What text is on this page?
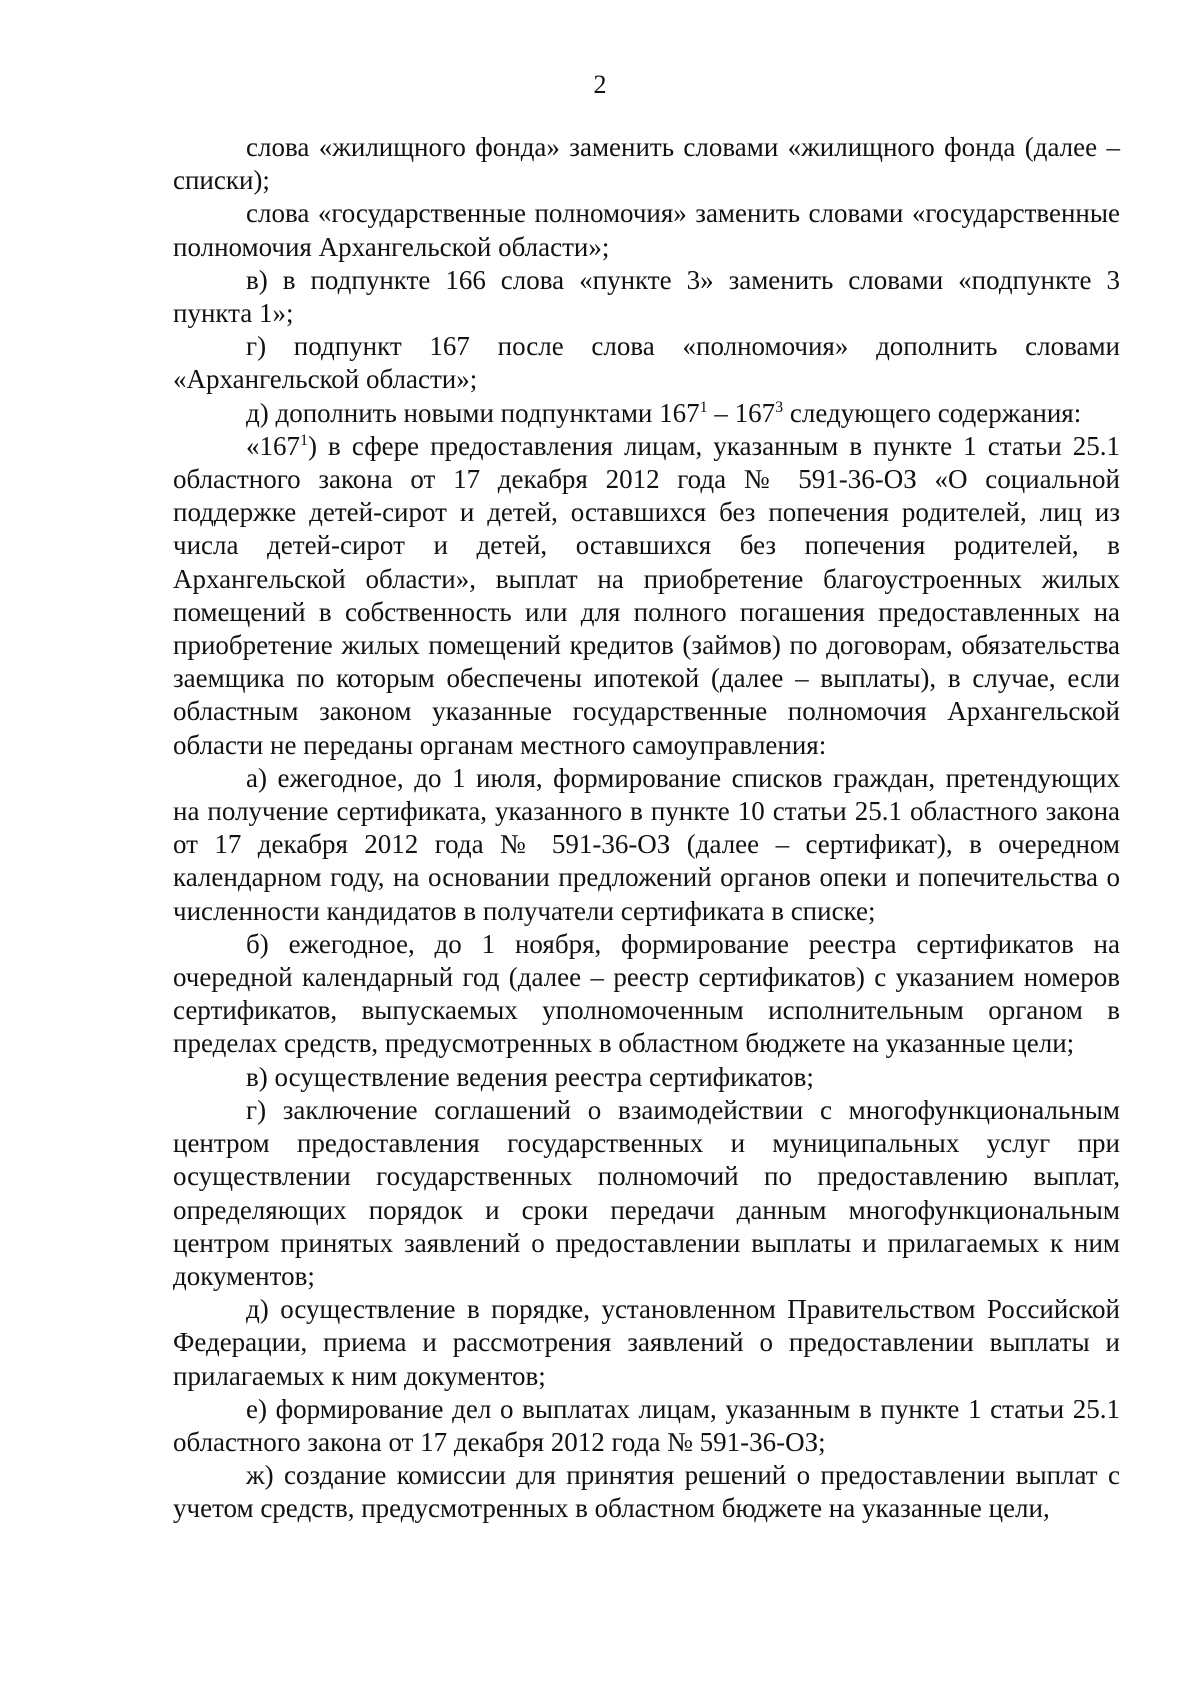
2

слова «жилищного фонда» заменить словами «жилищного фонда (далее – списки);

слова «государственные полномочия» заменить словами «государственные полномочия Архангельской области»;

в) в подпункте 166 слова «пункте 3» заменить словами «подпункте 3 пункта 1»;

г) подпункт 167 после слова «полномочия» дополнить словами «Архангельской области»;

д) дополнить новыми подпунктами $167^1 - 167^3$ следующего содержания:

«$167^1$) в сфере предоставления лицам, указанным в пункте 1 статьи 25.1 областного закона от 17 декабря 2012 года № 591-36-ОЗ «О социальной поддержке детей-сирот и детей, оставшихся без попечения родителей, лиц из числа детей-сирот и детей, оставшихся без попечения родителей, в Архангельской области», выплат на приобретение благоустроенных жилых помещений в собственность или для полного погашения предоставленных на приобретение жилых помещений кредитов (займов) по договорам, обязательства заемщика по которым обеспечены ипотекой (далее – выплаты), в случае, если областным законом указанные государственные полномочия Архангельской области не переданы органам местного самоуправления:

а) ежегодное, до 1 июля, формирование списков граждан, претендующих на получение сертификата, указанного в пункте 10 статьи 25.1 областного закона от 17 декабря 2012 года № 591-36-ОЗ (далее – сертификат), в очередном календарном году, на основании предложений органов опеки и попечительства о численности кандидатов в получатели сертификата в списке;

б) ежегодное, до 1 ноября, формирование реестра сертификатов на очередной календарный год (далее – реестр сертификатов) с указанием номеров сертификатов, выпускаемых уполномоченным исполнительным органом в пределах средств, предусмотренных в областном бюджете на указанные цели;

в) осуществление ведения реестра сертификатов;

г) заключение соглашений о взаимодействии с многофункциональным центром предоставления государственных и муниципальных услуг при осуществлении государственных полномочий по предоставлению выплат, определяющих порядок и сроки передачи данным многофункциональным центром принятых заявлений о предоставлении выплаты и прилагаемых к ним документов;

д) осуществление в порядке, установленном Правительством Российской Федерации, приема и рассмотрения заявлений о предоставлении выплаты и прилагаемых к ним документов;

е) формирование дел о выплатах лицам, указанным в пункте 1 статьи 25.1 областного закона от 17 декабря 2012 года № 591-36-ОЗ;

ж) создание комиссии для принятия решений о предоставлении выплат с учетом средств, предусмотренных в областном бюджете на указанные цели,
